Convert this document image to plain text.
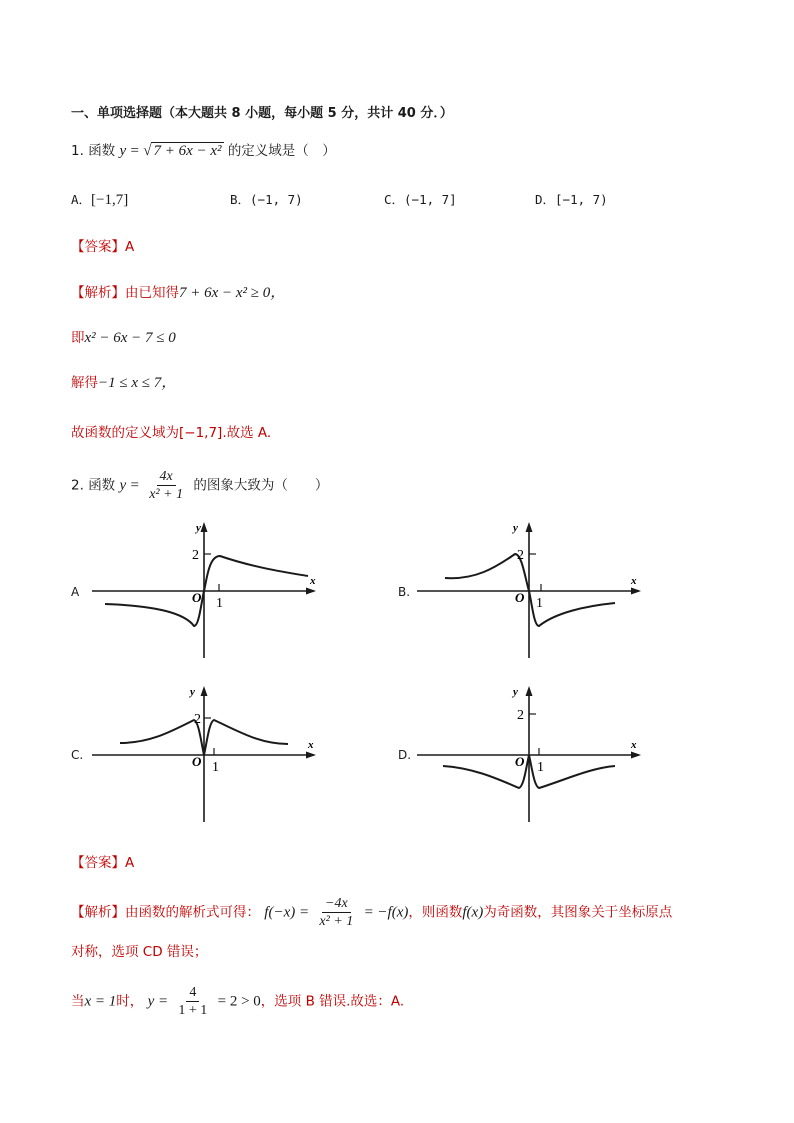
一、单项选择题（本大题共 8 小题，每小题 5 分，共计 40 分．）
1. 函数 y = √ 7 + 6x − x² 的定义域是（　）
A．[−1,7]	B．(−1, 7)	C．(−1, 7]	D．[−1, 7)
【答案】A
【解析】由已知得7 + 6x − x² ≥ 0，
即x² − 6x − 7 ≤ 0
解得−1 ≤ x ≤ 7，
故函数的定义域为[−1,7].故选 A.
2. 函数 $y = \frac{4x}{\text{x² + 1}}$ 的图象大致为（　　）
A	B.
C.	D.
y
x
2
1
O
y
x
2
1
O
y
x
2
1
O
y
x
2
1
O
【答案】A
【解析】由函数的解析式可得： $f(-x) = \frac{-4x}{\text{x² + 1}} = -f(x)$，则函数f(x)为奇函数，其图象关于坐标原点
对称，选项 CD 错误；
当x = 1时， $y = \frac{4}{1 + 1} = 2 > 0$，选项 B 错误.故选：A.
